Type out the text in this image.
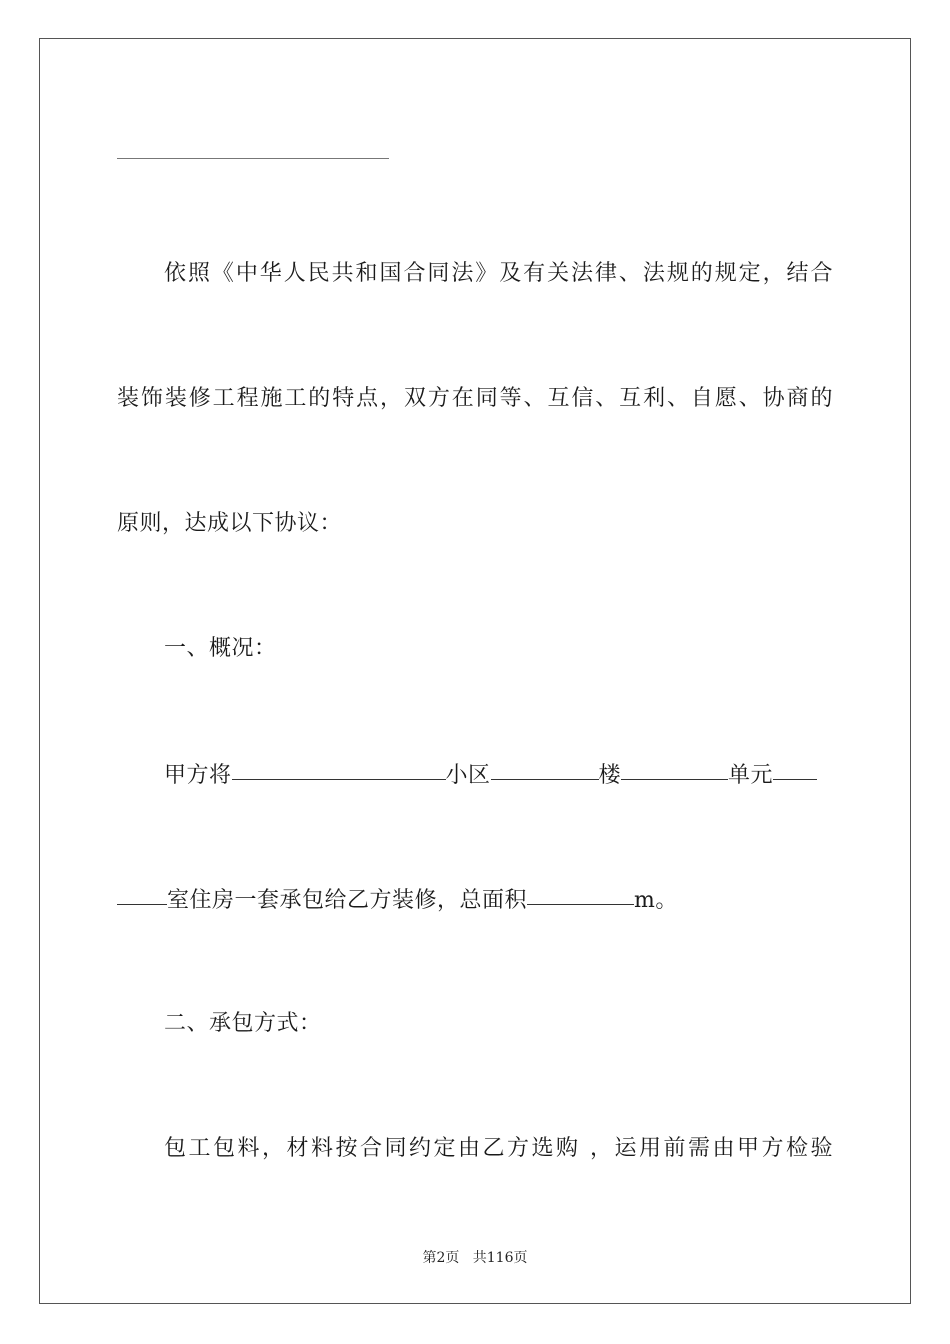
依照《中华人民共和国合同法》及有关法律、法规的规定，结合
装饰装修工程施工的特点，双方在同等、互信、互利、自愿、协商的
原则，达成以下协议：
一、概况：
甲方将	小区	楼	单元
室住房一套承包给乙方装修，总面积	m。
二、承包方式：
包工包料，材料按合同约定由乙方选购 ，运用前需由甲方检验
第2页 共116页
